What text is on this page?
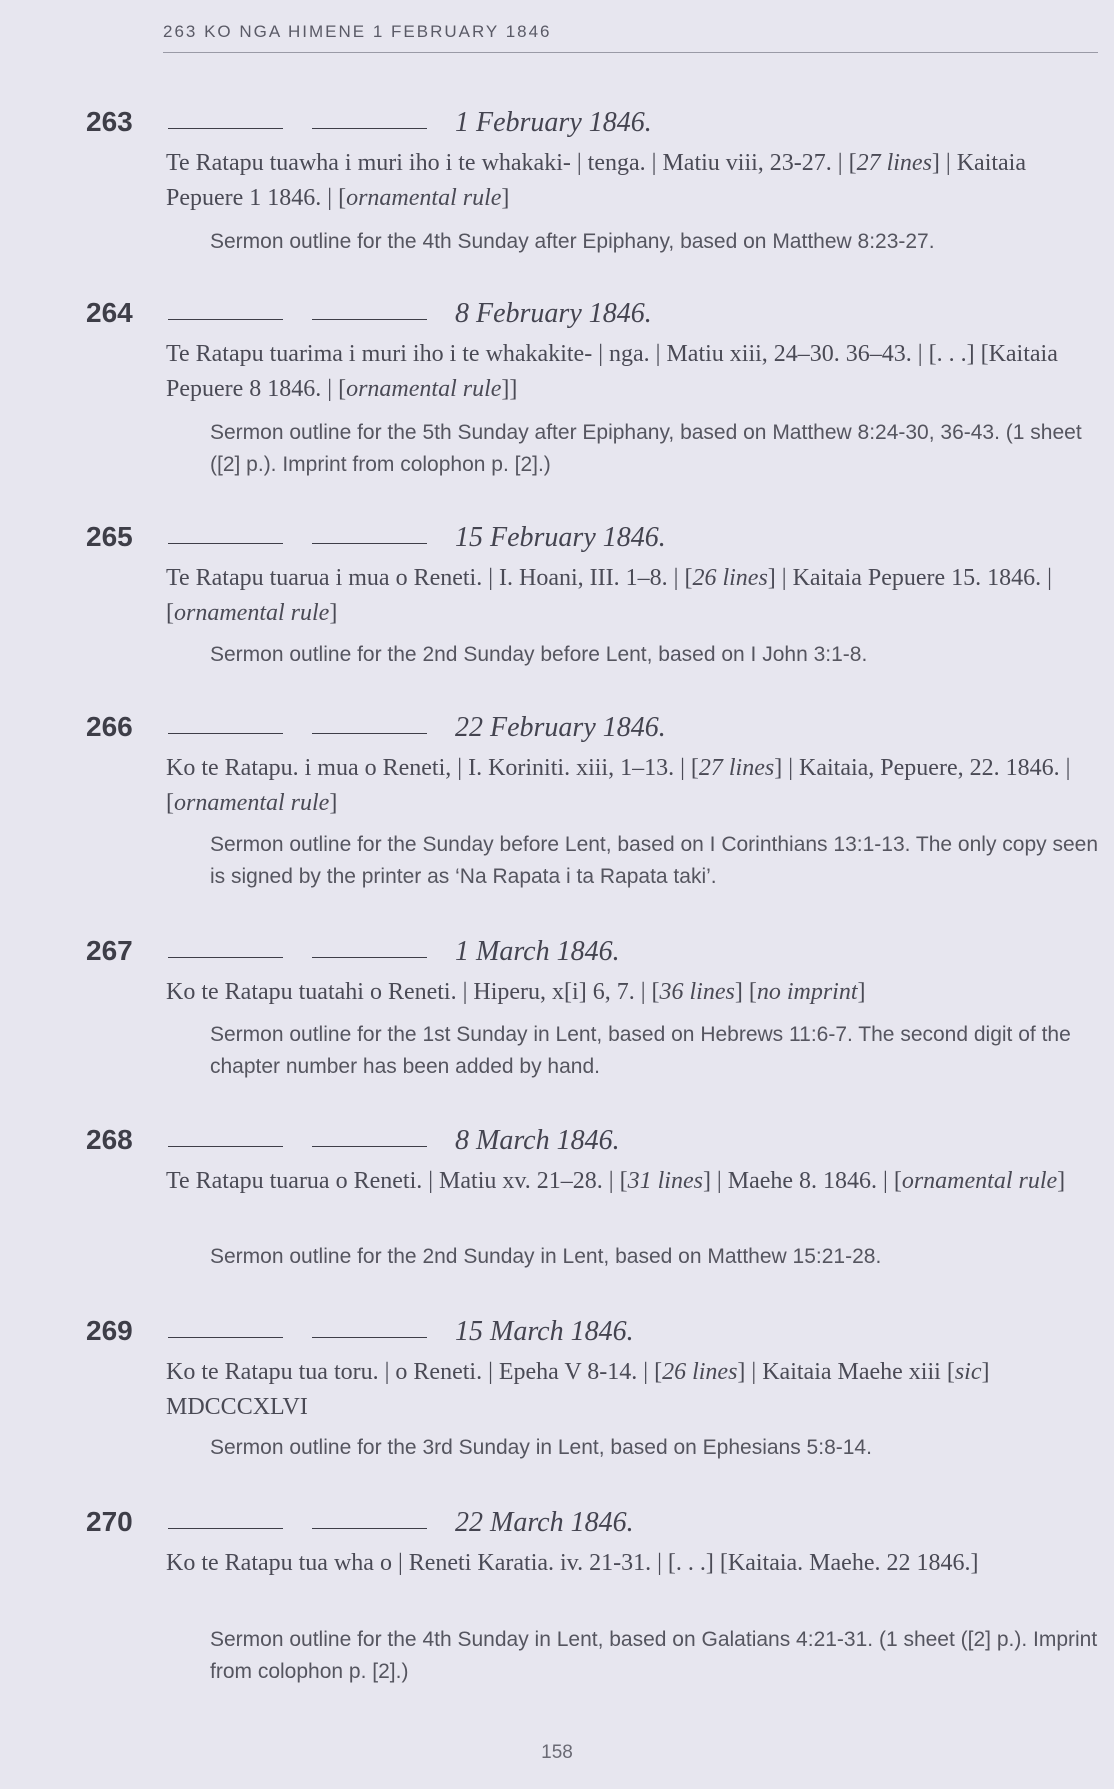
263 KO NGA HIMENE 1 FEBRUARY 1846
263	1 February 1846.
Te Ratapu tuawha i muri iho i te whakaki- | tenga. | Matiu viii, 23-27. | [27 lines] | Kaitaia Pepuere 1 1846. | [ornamental rule]
Sermon outline for the 4th Sunday after Epiphany, based on Matthew 8:23-27.
264	8 February 1846.
Te Ratapu tuarima i muri iho i te whakakite- | nga. | Matiu xiii, 24–30. 36–43. | [. . .] [Kaitaia Pepuere 8 1846. | [ornamental rule]]
Sermon outline for the 5th Sunday after Epiphany, based on Matthew 8:24-30, 36-43. (1 sheet ([2] p.). Imprint from colophon p. [2].)
265	15 February 1846.
Te Ratapu tuarua i mua o Reneti. | I. Hoani, III. 1–8. | [26 lines] | Kaitaia Pepuere 15. 1846. | [ornamental rule]
Sermon outline for the 2nd Sunday before Lent, based on I John 3:1-8.
266	22 February 1846.
Ko te Ratapu. i mua o Reneti, | I. Koriniti. xiii, 1–13. | [27 lines] | Kaitaia, Pepuere, 22. 1846. | [ornamental rule]
Sermon outline for the Sunday before Lent, based on I Corinthians 13:1-13. The only copy seen is signed by the printer as ‘Na Rapata i ta Rapata taki’.
267	1 March 1846.
Ko te Ratapu tuatahi o Reneti. | Hiperu, x[i] 6, 7. | [36 lines] [no imprint]
Sermon outline for the 1st Sunday in Lent, based on Hebrews 11:6-7. The second digit of the chapter number has been added by hand.
268	8 March 1846.
Te Ratapu tuarua o Reneti. | Matiu xv. 21–28. | [31 lines] | Maehe 8. 1846. | [ornamental rule]
Sermon outline for the 2nd Sunday in Lent, based on Matthew 15:21-28.
269	15 March 1846.
Ko te Ratapu tua toru. | o Reneti. | Epeha V 8-14. | [26 lines] | Kaitaia Maehe xiii [sic] MDCCCXLVI
Sermon outline for the 3rd Sunday in Lent, based on Ephesians 5:8-14.
270	22 March 1846.
Ko te Ratapu tua wha o | Reneti Karatia. iv. 21-31. | [. . .] [Kaitaia. Maehe. 22 1846.]
Sermon outline for the 4th Sunday in Lent, based on Galatians 4:21-31. (1 sheet ([2] p.). Imprint from colophon p. [2].)
158
